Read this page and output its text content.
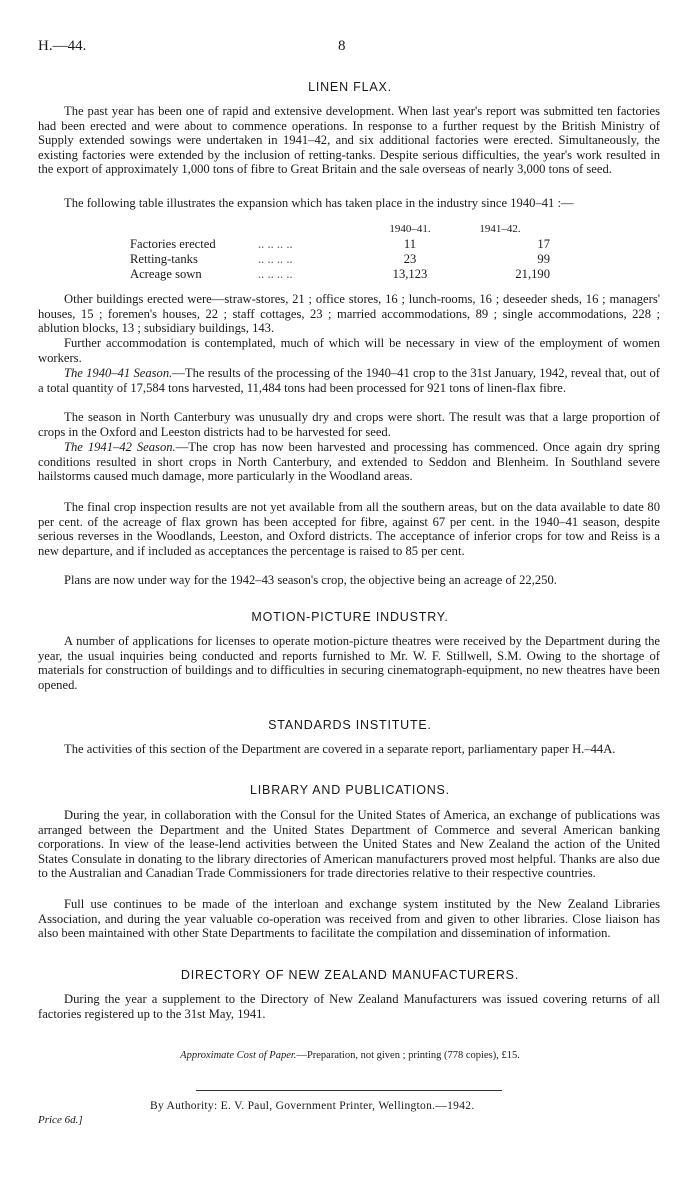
H.—44.	8
LINEN FLAX.

The past year has been one of rapid and extensive development. When last year's report was submitted ten factories had been erected and were about to commence operations. In response to a further request by the British Ministry of Supply extended sowings were undertaken in 1941–42, and six additional factories were erected. Simultaneously, the existing factories were extended by the inclusion of retting-tanks. Despite serious difficulties, the year's work resulted in the export of approximately 1,000 tons of fibre to Great Britain and the sale overseas of nearly 3,000 tons of seed.

The following table illustrates the expansion which has taken place in the industry since 1940–41 :—

	1940–41.	1941–42.
Factories erected .. .. .. ..	11	17
Retting-tanks .. .. .. ..	23	99
Acreage sown .. .. .. ..	13,123	21,190

Other buildings erected were—straw-stores, 21 ; office stores, 16 ; lunch-rooms, 16 ; deseeder sheds, 16 ; managers' houses, 15 ; foremen's houses, 22 ; staff cottages, 23 ; married accommodations, 89 ; single accommodations, 228 ; ablution blocks, 13 ; subsidiary buildings, 143.

Further accommodation is contemplated, much of which will be necessary in view of the employment of women workers.

The 1940–41 Season.—The results of the processing of the 1940–41 crop to the 31st January, 1942, reveal that, out of a total quantity of 17,584 tons harvested, 11,484 tons had been processed for 921 tons of linen-flax fibre.

The season in North Canterbury was unusually dry and crops were short. The result was that a large proportion of crops in the Oxford and Leeston districts had to be harvested for seed.

The 1941–42 Season.—The crop has now been harvested and processing has commenced. Once again dry spring conditions resulted in short crops in North Canterbury, and extended to Seddon and Blenheim. In Southland severe hailstorms caused much damage, more particularly in the Woodland areas.

The final crop inspection results are not yet available from all the southern areas, but on the data available to date 80 per cent. of the acreage of flax grown has been accepted for fibre, against 67 per cent. in the 1940–41 season, despite serious reverses in the Woodlands, Leeston, and Oxford districts. The acceptance of inferior crops for tow and Reiss is a new departure, and if included as acceptances the percentage is raised to 85 per cent.

Plans are now under way for the 1942–43 season's crop, the objective being an acreage of 22,250.

MOTION-PICTURE INDUSTRY.

A number of applications for licenses to operate motion-picture theatres were received by the Department during the year, the usual inquiries being conducted and reports furnished to Mr. W. F. Stillwell, S.M. Owing to the shortage of materials for construction of buildings and to difficulties in securing cinematograph-equipment, no new theatres have been opened.

STANDARDS INSTITUTE.

The activities of this section of the Department are covered in a separate report, parliamentary paper H.–44A.

LIBRARY AND PUBLICATIONS.

During the year, in collaboration with the Consul for the United States of America, an exchange of publications was arranged between the Department and the United States Department of Commerce and several American banking corporations. In view of the lease-lend activities between the United States and New Zealand the action of the United States Consulate in donating to the library directories of American manufacturers proved most helpful. Thanks are also due to the Australian and Canadian Trade Commissioners for trade directories relative to their respective countries.

Full use continues to be made of the interloan and exchange system instituted by the New Zealand Libraries Association, and during the year valuable co-operation was received from and given to other libraries. Close liaison has also been maintained with other State Departments to facilitate the compilation and dissemination of information.

DIRECTORY OF NEW ZEALAND MANUFACTURERS.

During the year a supplement to the Directory of New Zealand Manufacturers was issued covering returns of all factories registered up to the 31st May, 1941.

Approximate Cost of Paper.—Preparation, not given ; printing (778 copies), £15.
By Authority: E. V. Paul, Government Printer, Wellington.—1942.
Price 6d.]
